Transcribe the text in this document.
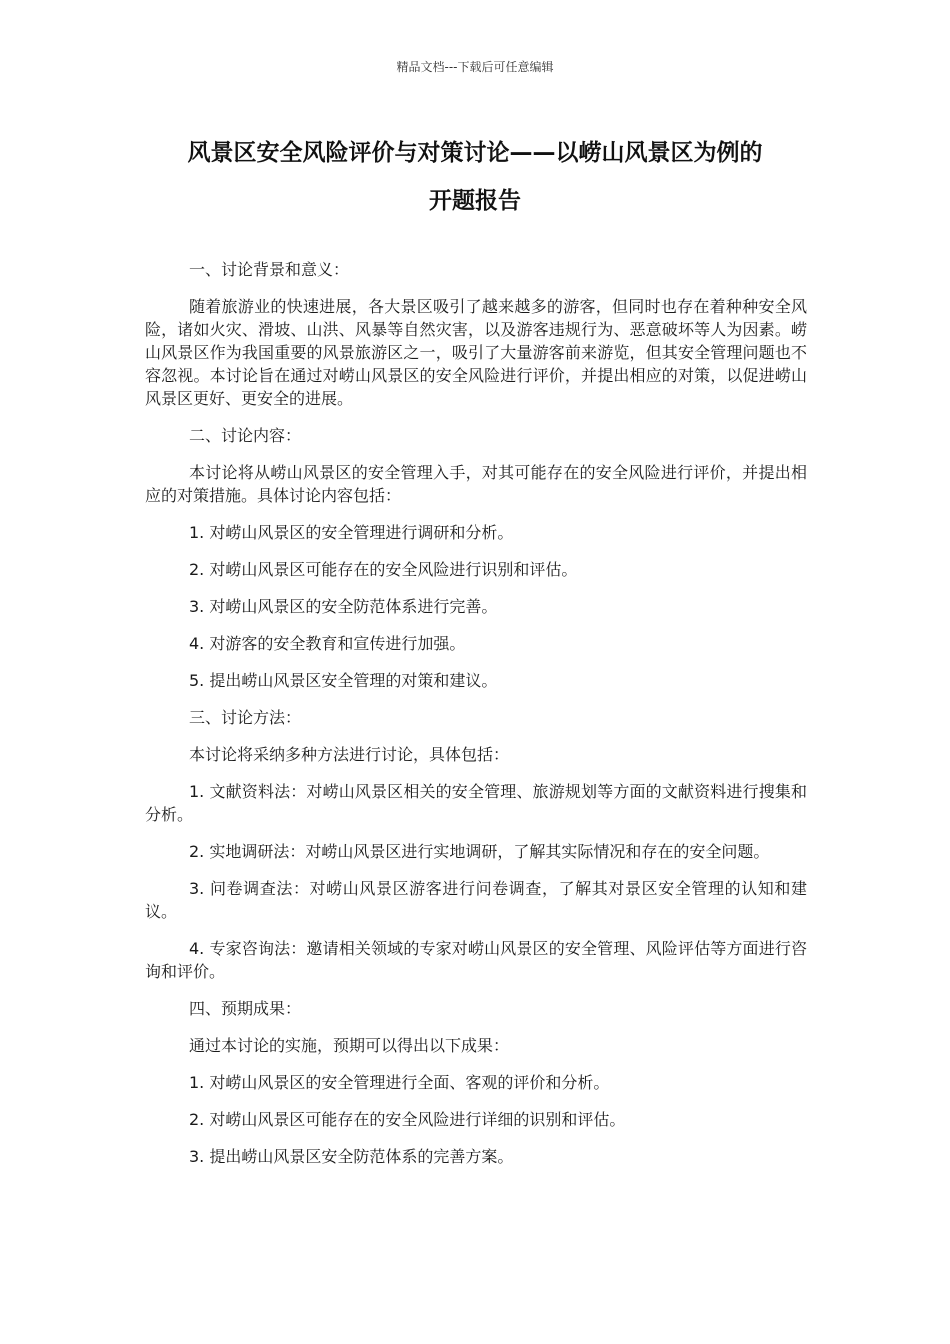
精品文档---下载后可任意编辑
风景区安全风险评价与对策讨论——以崂山风景区为例的
开题报告

一、讨论背景和意义：

随着旅游业的快速进展，各大景区吸引了越来越多的游客，但同时也存在着种种安全风险，诸如火灾、滑坡、山洪、风暴等自然灾害，以及游客违规行为、恶意破坏等人为因素。崂山风景区作为我国重要的风景旅游区之一，吸引了大量游客前来游览，但其安全管理问题也不容忽视。本讨论旨在通过对崂山风景区的安全风险进行评价，并提出相应的对策，以促进崂山风景区更好、更安全的进展。

二、讨论内容：

本讨论将从崂山风景区的安全管理入手，对其可能存在的安全风险进行评价，并提出相应的对策措施。具体讨论内容包括：

1. 对崂山风景区的安全管理进行调研和分析。

2. 对崂山风景区可能存在的安全风险进行识别和评估。

3. 对崂山风景区的安全防范体系进行完善。

4. 对游客的安全教育和宣传进行加强。

5. 提出崂山风景区安全管理的对策和建议。

三、讨论方法：

本讨论将采纳多种方法进行讨论，具体包括：

1. 文献资料法：对崂山风景区相关的安全管理、旅游规划等方面的文献资料进行搜集和分析。

2. 实地调研法：对崂山风景区进行实地调研，了解其实际情况和存在的安全问题。

3. 问卷调查法：对崂山风景区游客进行问卷调查，了解其对景区安全管理的认知和建议。

4. 专家咨询法：邀请相关领域的专家对崂山风景区的安全管理、风险评估等方面进行咨询和评价。

四、预期成果：

通过本讨论的实施，预期可以得出以下成果：

1. 对崂山风景区的安全管理进行全面、客观的评价和分析。

2. 对崂山风景区可能存在的安全风险进行详细的识别和评估。

3. 提出崂山风景区安全防范体系的完善方案。
